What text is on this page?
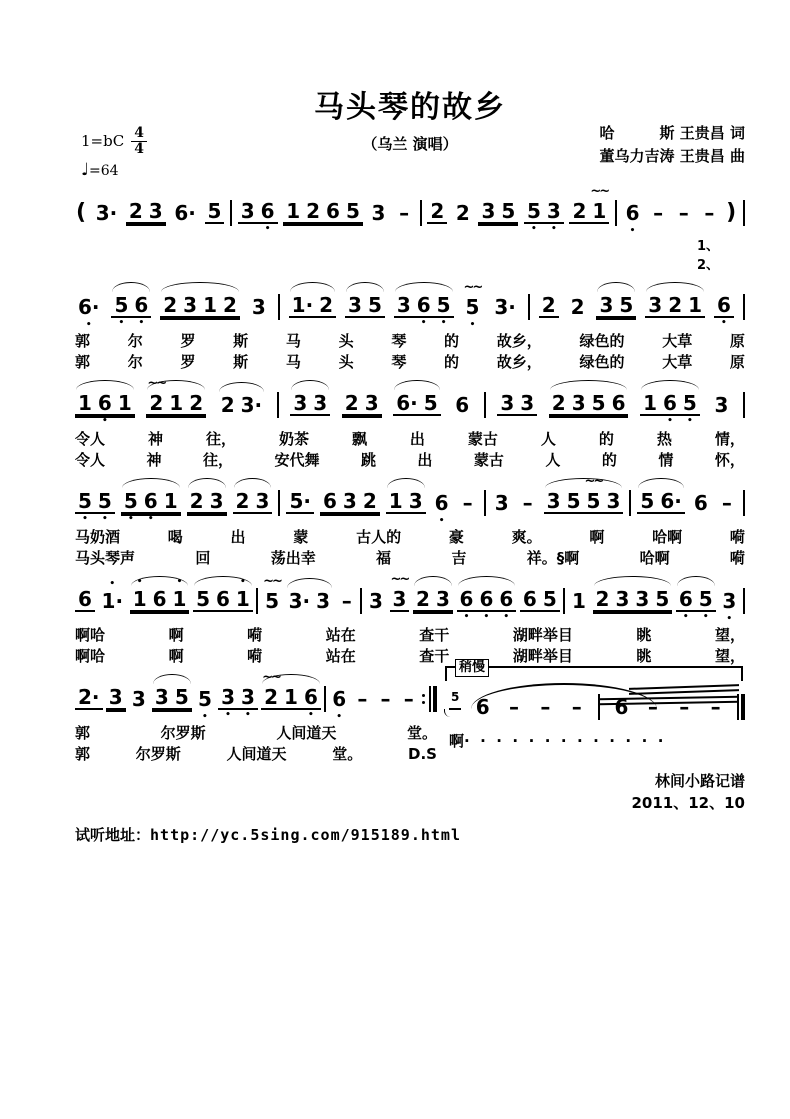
马头琴的故乡
（乌兰 演唱）
$1=bC \frac{4}{4}$
♩=64
哈　　　斯 王贵昌 词
董乌力吉涛 王贵昌 曲
( 3· 2 3 6· 5 3 6
•
1 2 6 5 3 – 2 2 3 5 5
•
3
•
2 1
~~
6
•
– – – )
1、
2、
6·
•
5
•
6
•
2 3 1 2 3 1· 2 3 5 3 6
•
5
•
5
•
~~
3· 2 2 3 5 3 2 1 6
•
郭	尔	罗	斯	马	头	琴	的	故乡，	绿色的	大草	原
郭	尔	罗	斯	马	头	琴	的	故乡，	绿色的	大草	原
1 6
•
1 2
~~
1 2 2 3· 3 3 2 3 6· 5 6 3 3 2 3 5 6 1 6
•
5
•
3
令人	神	往，	奶茶	飘	出	蒙古	人	的	热	情，
令人	神	往，	安代舞	跳	出	蒙古	人	的	情	怀，
5
•
5
•
5
•
6
•
1 2 3 2 3 5· 6 3 2 1 3 6
•
– 3 – 3 5 5
~~
3 5 6· 6 –
马奶酒	喝	出	蒙	古人的	豪	爽。	啊	哈啊	嗬
马头琴声	回	荡出幸	福	吉	祥。§啊	哈啊	嗬
6 1·
•
1
•
6 1
•
5 6 1
•
5
~~
3· 3 – 3 3
~~
2 3 6
•
6
•
6
•
6 5 1 2 3 3 5 6
•
5
•
3
•
啊哈	啊	嗬	站在	查干	湖畔举目	眺	望，
啊哈	啊	嗬	站在	查干	湖畔举目	眺	望，
2· 3 3 3 5 5
•
3
•
3
•
2
~~
1 6
•
6
•
– – –
郭	尔罗斯	人间道天	堂。
郭	尔罗斯	人间道天	堂。	D.S
稍慢
5 6 – – – 6 – – –
啊·  ·  ·  ·  ·  ·  ·  ·  ·  ·  ·  ·  ·
林间小路记谱
2011、12、10
试听地址：http://yc.5sing.com/915189.html
